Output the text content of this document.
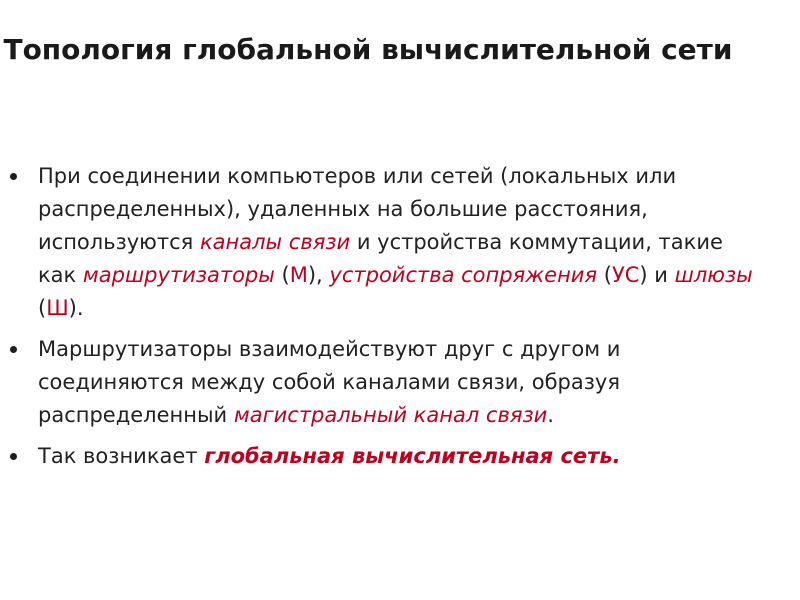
Топология глобальной вычислительной сети
При соединении компьютеров или сетей (локальных или распределенных), удаленных на большие расстояния, используются каналы связи и устройства коммутации, такие как маршрутизаторы (М), устройства сопряжения (УС) и шлюзы (Ш).
Маршрутизаторы взаимодействуют друг с другом и соединяются между собой каналами связи, образуя распределенный магистральный канал связи.
Так возникает глобальная вычислительная сеть.
